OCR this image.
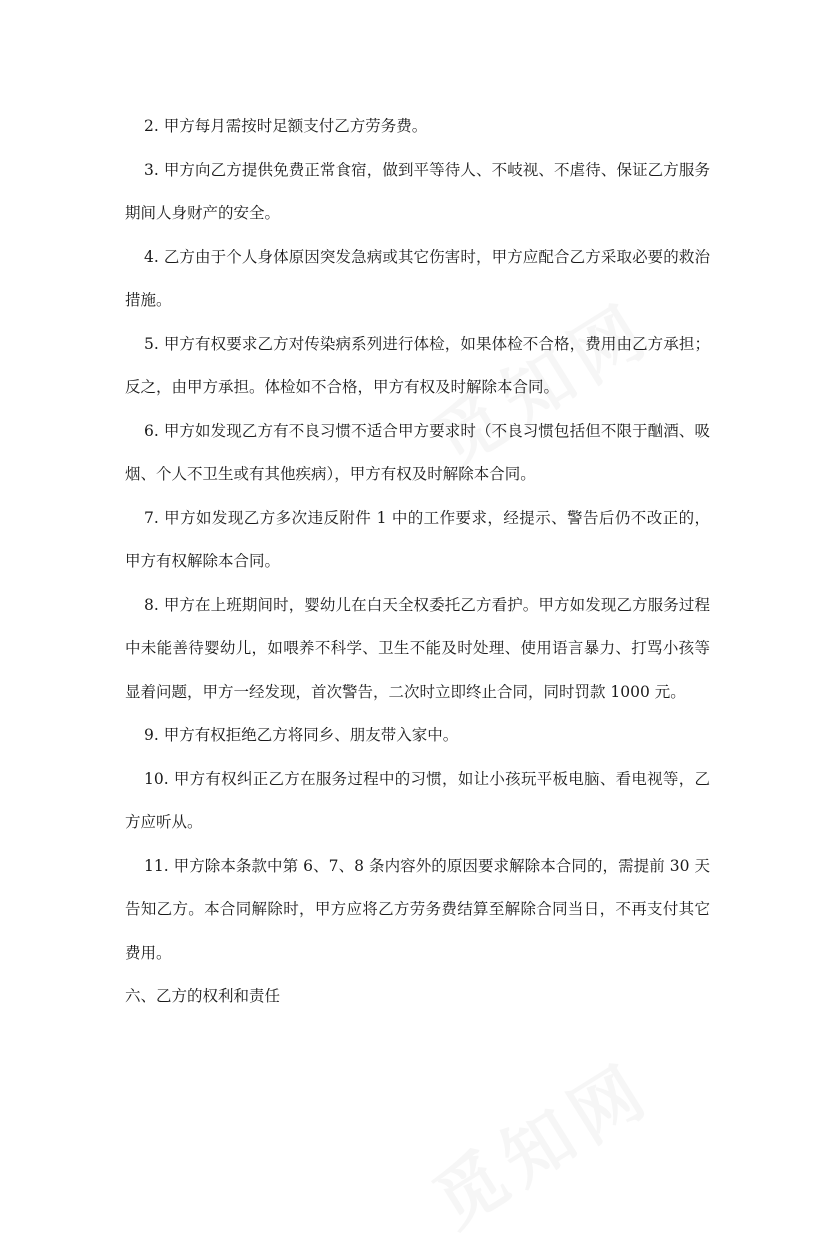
2. 甲方每月需按时足额支付乙方劳务费。

3. 甲方向乙方提供免费正常食宿，做到平等待人、不岐视、不虐待、保证乙方服务期间人身财产的安全。

4. 乙方由于个人身体原因突发急病或其它伤害时，甲方应配合乙方采取必要的救治措施。

5. 甲方有权要求乙方对传染病系列进行体检，如果体检不合格，费用由乙方承担；反之，由甲方承担。体检如不合格，甲方有权及时解除本合同。

6. 甲方如发现乙方有不良习惯不适合甲方要求时（不良习惯包括但不限于酗酒、吸烟、个人不卫生或有其他疾病），甲方有权及时解除本合同。

7. 甲方如发现乙方多次违反附件 1 中的工作要求，经提示、警告后仍不改正的，甲方有权解除本合同。

8. 甲方在上班期间时，婴幼儿在白天全权委托乙方看护。甲方如发现乙方服务过程中未能善待婴幼儿，如喂养不科学、卫生不能及时处理、使用语言暴力、打骂小孩等显着问题，甲方一经发现，首次警告，二次时立即终止合同，同时罚款 1000 元。

9. 甲方有权拒绝乙方将同乡、朋友带入家中。

10. 甲方有权纠正乙方在服务过程中的习惯，如让小孩玩平板电脑、看电视等，乙方应听从。

11. 甲方除本条款中第 6、7、8 条内容外的原因要求解除本合同的，需提前 30 天告知乙方。本合同解除时，甲方应将乙方劳务费结算至解除合同当日，不再支付其它费用。

六、乙方的权利和责任
